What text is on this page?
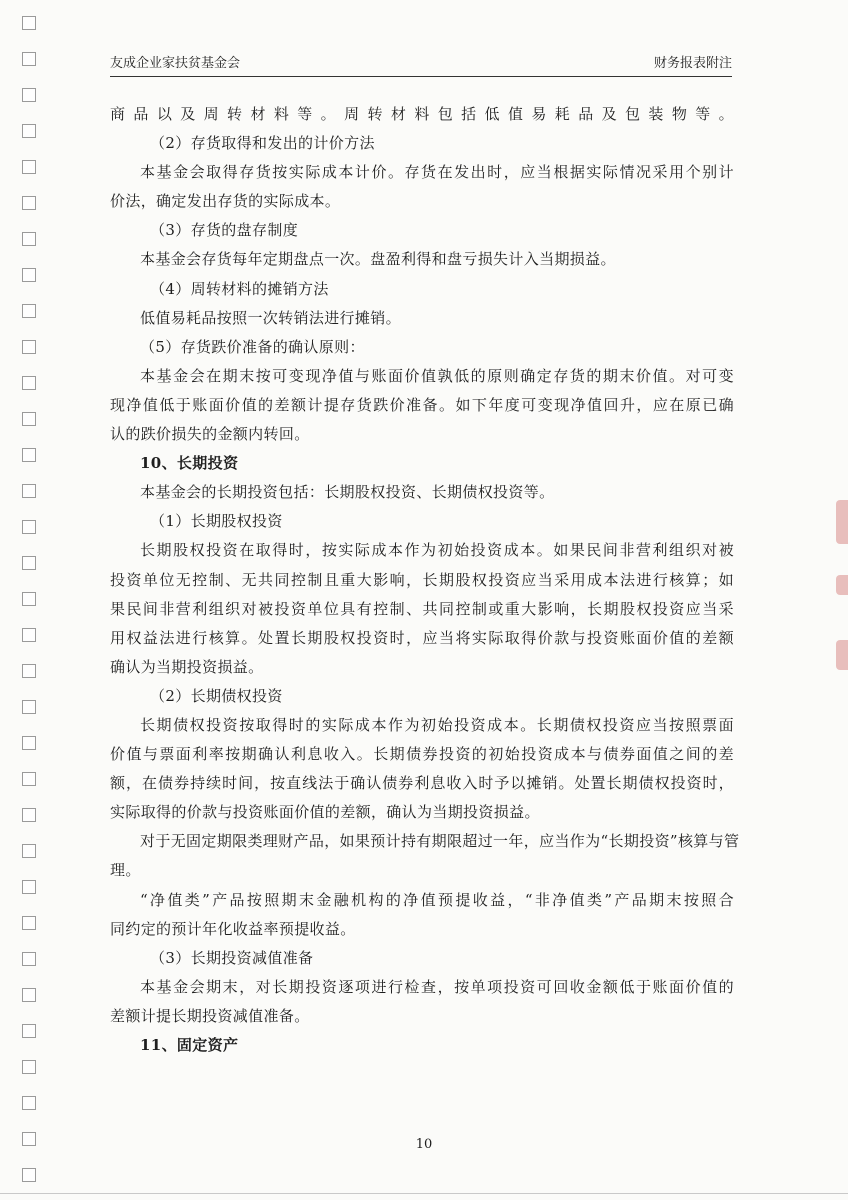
友成企业家扶贫基金会	财务报表附注
商品以及周转材料等。周转材料包括低值易耗品及包装物等。
（2）存货取得和发出的计价方法
本基金会取得存货按实际成本计价。存货在发出时，应当根据实际情况采用个别计
价法，确定发出存货的实际成本。
（3）存货的盘存制度
本基金会存货每年定期盘点一次。盘盈利得和盘亏损失计入当期损益。
（4）周转材料的摊销方法
低值易耗品按照一次转销法进行摊销。
（5）存货跌价准备的确认原则：
本基金会在期末按可变现净值与账面价值孰低的原则确定存货的期末价值。对可变
现净值低于账面价值的差额计提存货跌价准备。如下年度可变现净值回升，应在原已确
认的跌价损失的金额内转回。
10、长期投资
本基金会的长期投资包括：长期股权投资、长期债权投资等。
（1）长期股权投资
长期股权投资在取得时，按实际成本作为初始投资成本。如果民间非营利组织对被
投资单位无控制、无共同控制且重大影响，长期股权投资应当采用成本法进行核算；如
果民间非营利组织对被投资单位具有控制、共同控制或重大影响，长期股权投资应当采
用权益法进行核算。处置长期股权投资时，应当将实际取得价款与投资账面价值的差额
确认为当期投资损益。
（2）长期债权投资
长期债权投资按取得时的实际成本作为初始投资成本。长期债权投资应当按照票面
价值与票面利率按期确认利息收入。长期债券投资的初始投资成本与债券面值之间的差
额，在债券持续时间，按直线法于确认债券利息收入时予以摊销。处置长期债权投资时，
实际取得的价款与投资账面价值的差额，确认为当期投资损益。
对于无固定期限类理财产品，如果预计持有期限超过一年，应当作为“长期投资”核算与管
理。
“净值类”产品按照期末金融机构的净值预提收益，“非净值类”产品期末按照合
同约定的预计年化收益率预提收益。
（3）长期投资减值准备
本基金会期末，对长期投资逐项进行检查，按单项投资可回收金额低于账面价值的
差额计提长期投资减值准备。
11、固定资产
10
